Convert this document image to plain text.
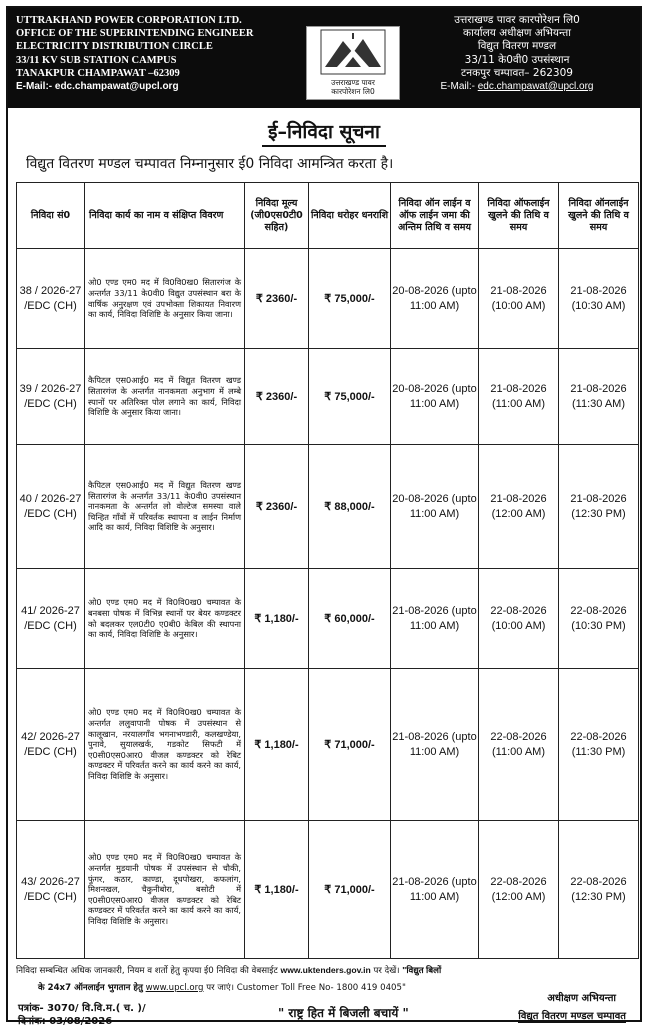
UTTRAKHAND POWER CORPORATION LTD.
OFFICE OF THE SUPERINTENDING ENGINEER
ELECTRICITY DISTRIBUTION CIRCLE
33/11 KV SUB STATION CAMPUS
TANAKPUR CHAMPAWAT –62309
E-Mail:- edc.champawat@upcl.org	उत्तराखण्ड पावर
कारपोरेशन लि0
उत्तराखण्ड पावर कारपोरेशन लि0
कार्यालय अधीक्षण अभियन्ता
विद्युत वितरण मण्डल
33/11 के0वी0 उपसंस्थान
टनकपुर चम्पावत– 262309
E-Mail:- edc.champawat@upcl.org
ई–निविदा सूचना
विद्युत वितरण मण्डल चम्पावत निम्नानुसार ई0 निविदा आमन्त्रित करता है।
निविदा सं0	निविदा कार्य का नाम व संक्षिप्त विवरण	निविदा मूल्य (जी0एस0टी0 सहित)	निविदा धरोहर धनराशि	निविदा ऑन लाईन व ऑफ लाईन जमा की अन्तिम तिथि व समय	निविदा ऑफलाईन खुलने की तिथि व समय	निविदा ऑनलाईन खुलने की तिथि व समय
38 / 2026-27 /EDC (CH)	ओ0 एण्ड एम0 मद में वि0वि0ख0 सितारगंज के अन्तर्गत 33/11 के0वी0 विद्युत उपसंस्थान बरा के वार्षिक अनुरक्षण एवं उपभोक्ता शिकायत निवारण का कार्य, निविदा विशिष्टि के अनुसार किया जाना।	₹ 2360/-	₹ 75,000/-	20-08-2026 (upto 11:00 AM)	21-08-2026 (10:00 AM)	21-08-2026 (10:30 AM)
39 / 2026-27 /EDC (CH)	कैपिटल एस0आई0 मद में विद्युत वितरण खण्ड सितारगंज के अन्तर्गत नानकमता अनुभाग में लम्बे स्पानों पर अतिरिक्त पोल लगाने का कार्य, निविदा विशिष्टि के अनुसार किया जाना।	₹ 2360/-	₹ 75,000/-	20-08-2026 (upto 11:00 AM)	21-08-2026 (11:00 AM)	21-08-2026 (11:30 AM)
40 / 2026-27 /EDC (CH)	कैपिटल एस0आई0 मद में विद्युत वितरण खण्ड सितारगंज के अन्तर्गत 33/11 के0वी0 उपसंस्थान नानकमता के अन्तर्गत लो वोल्टेज समस्या वाले चिन्हित गाँवों में परिवर्तक स्थापना व लाईन निर्माण आदि का कार्य, निविदा विशिष्टि के अनुसार।	₹ 2360/-	₹ 88,000/-	20-08-2026 (upto 11:00 AM)	21-08-2026 (12:00 AM)	21-08-2026 (12:30 PM)
41/ 2026-27 /EDC (CH)	ओ0 एण्ड एम0 मद में वि0वि0ख0 चम्पावत के बनबसा पोषक में विभिन्न स्थानों पर बेयर कण्डक्टर को बदलकर एल0टी0 ए0बी0 केबिल की स्थापना का कार्य, निविदा विशिष्टि के अनुसार।	₹ 1,180/-	₹ 60,000/-	21-08-2026 (upto 11:00 AM)	22-08-2026 (10:00 AM)	22-08-2026 (10:30 PM)
42/ 2026-27 /EDC (CH)	ओ0 एण्ड एम0 मद में वि0वि0ख0 चम्पावत के अन्तर्गत ललुवापानी पोषक में उपसंस्थान से कालूखान, नरयालगाँव भगनाभण्डारी, कलखण्डेया, पुनावे, सुयालखर्क, गडकोट सिफटी में ए0सी0एस0आर0 वीजल कण्डक्टर को रेबिट कण्डक्टर में परिवर्तत करने का कार्य करने का कार्य, निविदा विशिष्टि के अनुसार।	₹ 1,180/-	₹ 71,000/-	21-08-2026 (upto 11:00 AM)	22-08-2026 (11:00 AM)	22-08-2026 (11:30 PM)
43/ 2026-27 /EDC (CH)	ओ0 एण्ड एम0 मद में वि0वि0ख0 चम्पावत के अन्तर्गत मुडयानी पोषक में उपसंस्थान से चौकी, फुंगर, कठार, काण्डा, दूधपोखरा, कफलांग, मिशनखल, चैकुनीबोरा, बसोटी में ए0सी0एस0आर0 वीजल कण्डक्टर को रेबिट कण्डक्टर में परिवर्तत करने का कार्य करने का कार्य, निविदा विशिष्टि के अनुसार।	₹ 1,180/-	₹ 71,000/-	21-08-2026 (upto 11:00 AM)	22-08-2026 (12:00 AM)	22-08-2026 (12:30 PM)
निविदा सम्बन्धित अधिक जानकारी, नियम व शर्तो हेतु कृपया ई0 निविदा की वेबसाईट www.uktenders.gov.in पर देखें। "विद्युत बिलों
के 24x7 ऑनलाईन भुगतान हेतु www.upcl.org पर जाएं। Customer Toll Free No- 1800 419 0405"
अधीक्षण अभियन्ता
पत्रांक- 3070/ वि.वि.म.( च. )/
दिनांक: 03/08/2026
" राष्ट्र हित में बिजली बचायें "	विद्युत वितरण मण्डल चम्पावत
